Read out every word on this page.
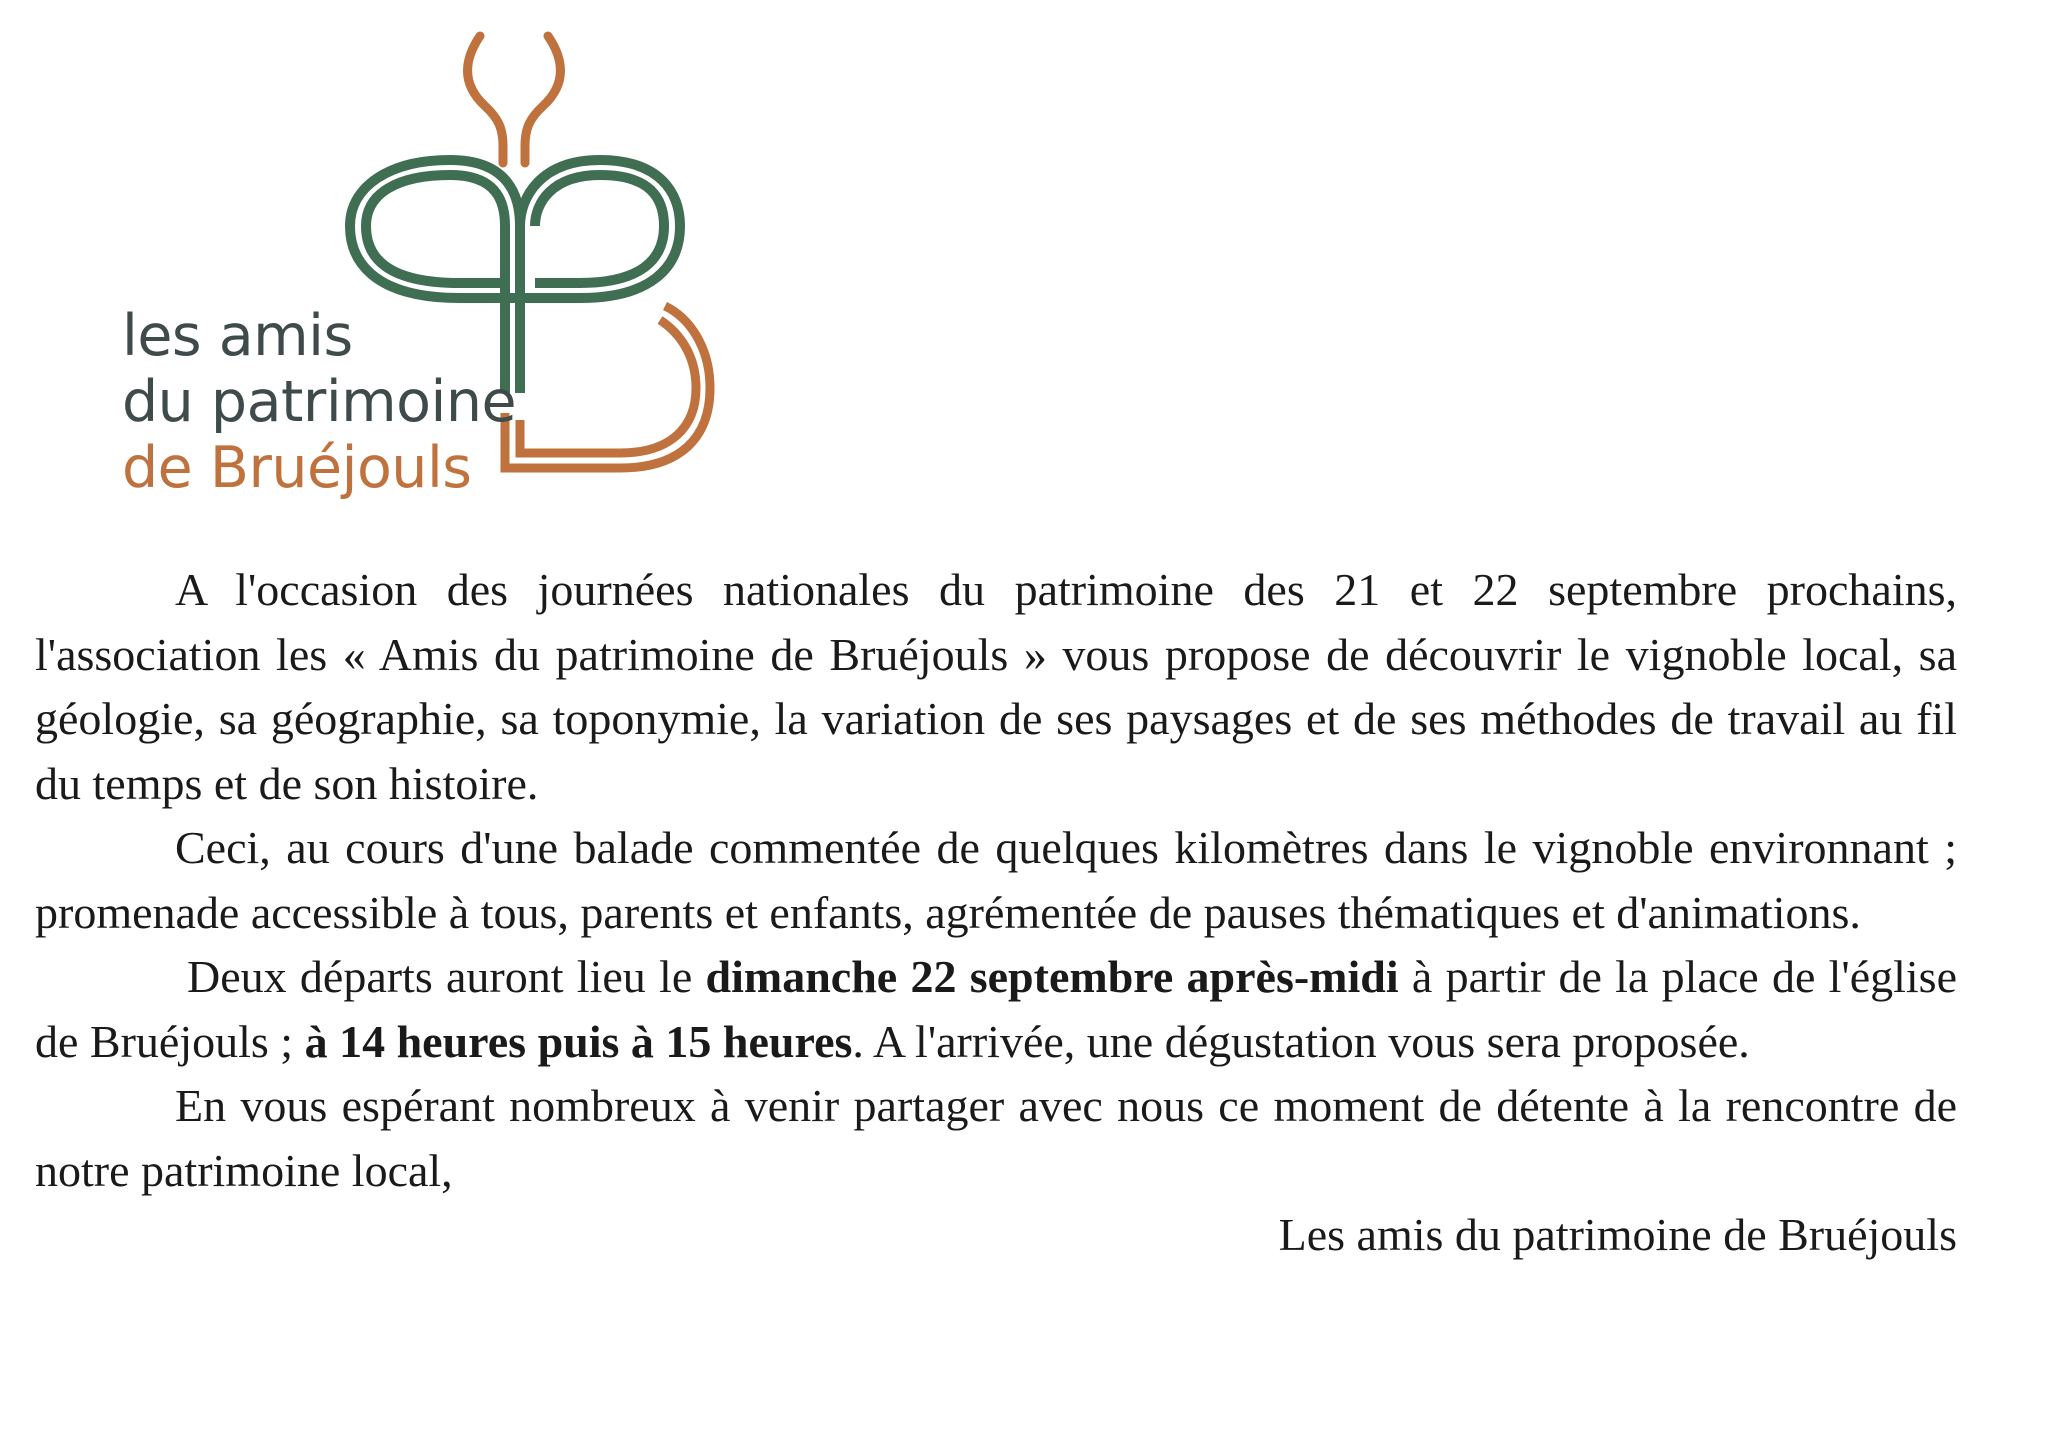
les amis
du patrimoine
de Bruéjouls

A l'occasion des journées nationales du patrimoine des 21 et 22 septembre prochains, l'association les « Amis du patrimoine de Bruéjouls » vous propose de découvrir le vignoble local, sa géologie, sa géographie, sa toponymie, la variation de ses paysages et de ses méthodes de travail au fil du temps et de son histoire.

Ceci, au cours d'une balade commentée de quelques kilomètres dans le vignoble environnant ; promenade accessible à tous, parents et enfants, agrémentée de pauses thématiques et d'animations.

Deux départs auront lieu le dimanche 22 septembre après-midi à partir de la place de l'église de Bruéjouls ; à 14 heures puis à 15 heures. A l'arrivée, une dégustation vous sera proposée.

En vous espérant nombreux à venir partager avec nous ce moment de détente à la rencontre de notre patrimoine local,

Les amis du patrimoine de Bruéjouls
